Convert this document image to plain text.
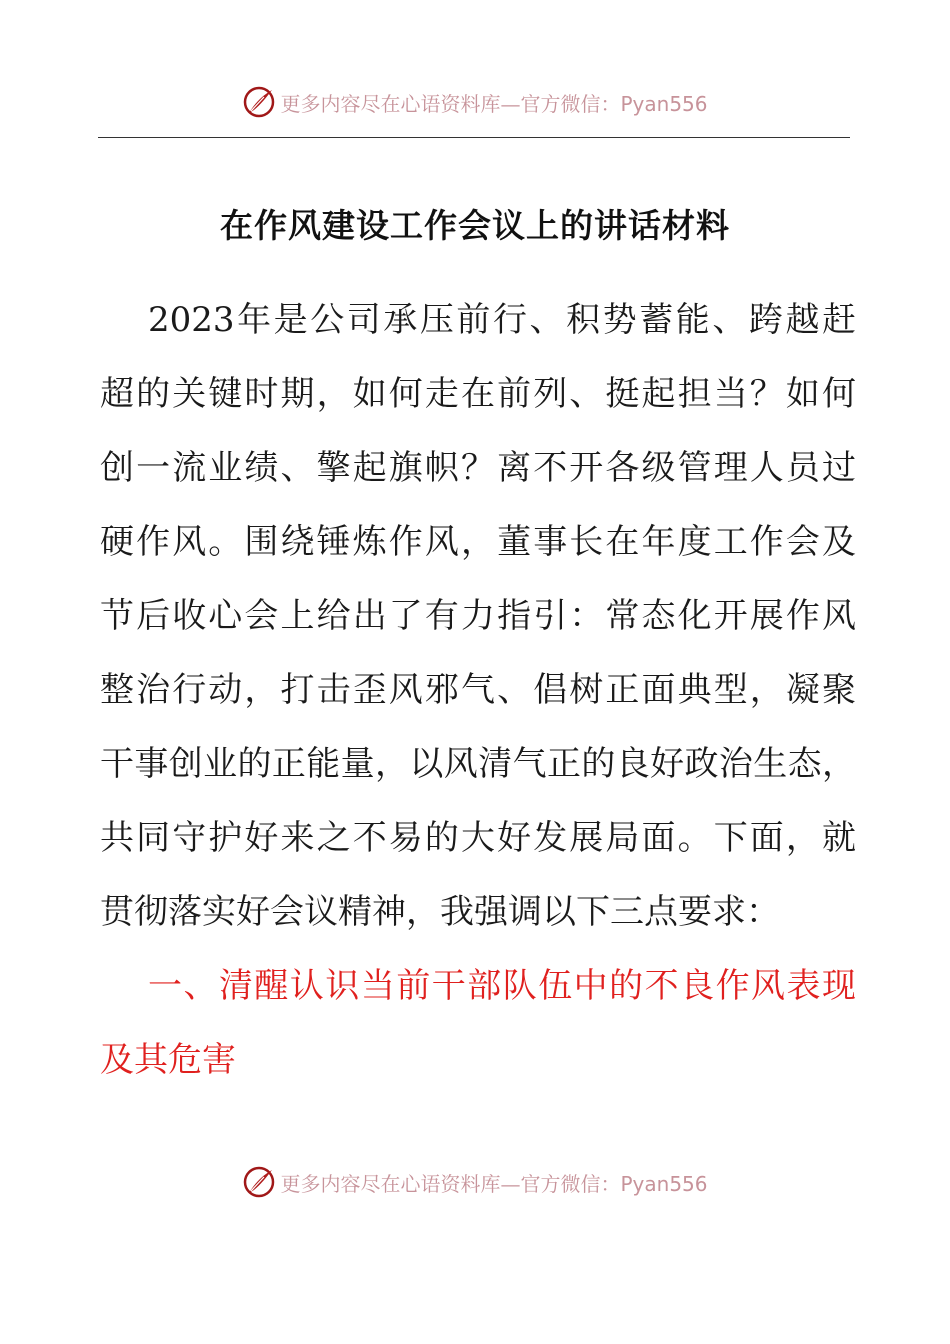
更多内容尽在心语资料库—官方微信：Pyan556
在作风建设工作会议上的讲话材料
2023年是公司承压前行、积势蓄能、跨越赶
超的关键时期，如何走在前列、挺起担当？如何
创一流业绩、擎起旗帜？离不开各级管理人员过
硬作风。围绕锤炼作风，董事长在年度工作会及
节后收心会上给出了有力指引：常态化开展作风
整治行动，打击歪风邪气、倡树正面典型，凝聚
干事创业的正能量，以风清气正的良好政治生态，
共同守护好来之不易的大好发展局面。下面，就
贯彻落实好会议精神，我强调以下三点要求：
一、清醒认识当前干部队伍中的不良作风表现
及其危害
更多内容尽在心语资料库—官方微信：Pyan556
